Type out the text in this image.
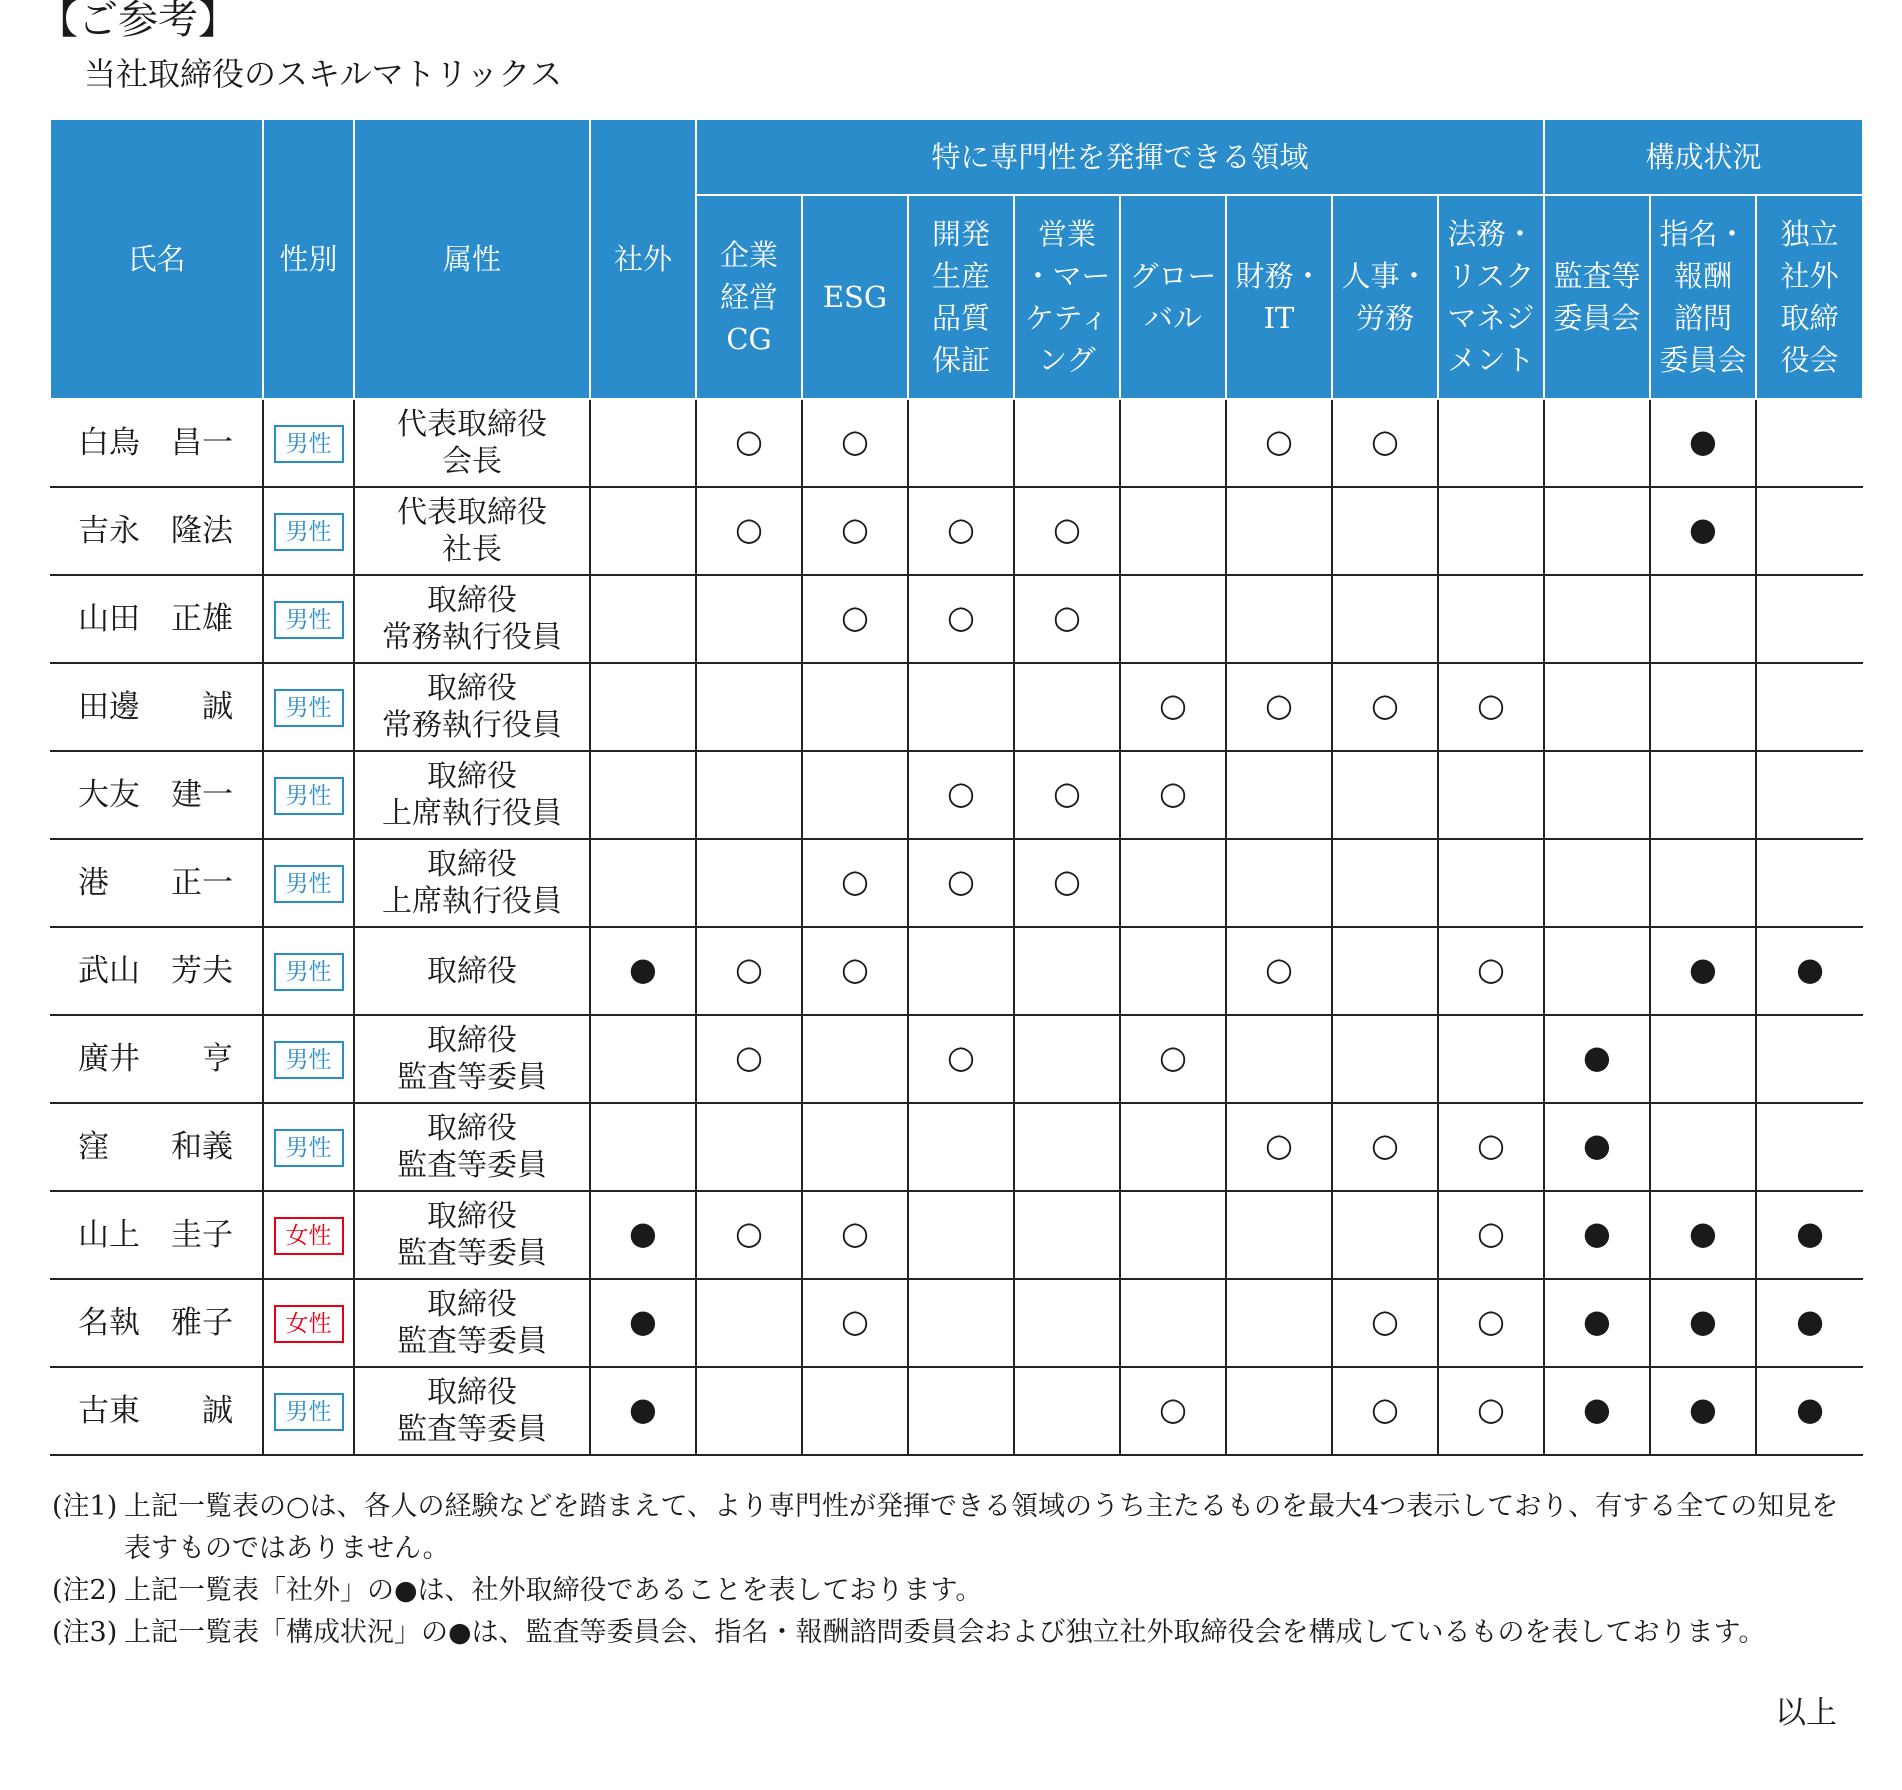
【ご参考】
当社取締役のスキルマトリックス
氏名	性別	属性	社外	特に専門性を発揮できる領域								構成状況		
				企業
経営
CG	ESG	開発
生産
品質
保証	営業
・マー
ケティ
ング	グロー
バル	財務・
IT	人事・
労務	法務・
リスク
マネジ
メント	監査等
委員会	指名・
報酬
諮問
委員会	独立
社外
取締
役会
白鳥　昌一	男性	代表取締役
会長		○	○				○	○			●	
吉永　隆法	男性	代表取締役
社長		○	○	○	○						●	
山田　正雄	男性	取締役
常務執行役員			○	○	○							
田邊　　誠	男性	取締役
常務執行役員						○	○	○	○			
大友　建一	男性	取締役
上席執行役員				○	○	○						
港　　正一	男性	取締役
上席執行役員			○	○	○							
武山　芳夫	男性	取締役	●	○	○				○		○		●	●
廣井　　亨	男性	取締役
監査等委員		○		○		○				●		
窪　　和義	男性	取締役
監査等委員							○	○	○	●		
山上　圭子	女性	取締役
監査等委員	●	○	○						○	●	●	●
名執　雅子	女性	取締役
監査等委員	●		○					○	○	●	●	●
古東　　誠	男性	取締役
監査等委員	●					○		○	○	●	●	●
(注1) 上記一覧表の○は、各人の経験などを踏まえて、より専門性が発揮できる領域のうち主たるものを最大4つ表示しており、有する全ての知見を表すものではありません。
(注2) 上記一覧表「社外」の●は、社外取締役であることを表しております。
(注3) 上記一覧表「構成状況」の●は、監査等委員会、指名・報酬諮問委員会および独立社外取締役会を構成しているものを表しております。
以上
